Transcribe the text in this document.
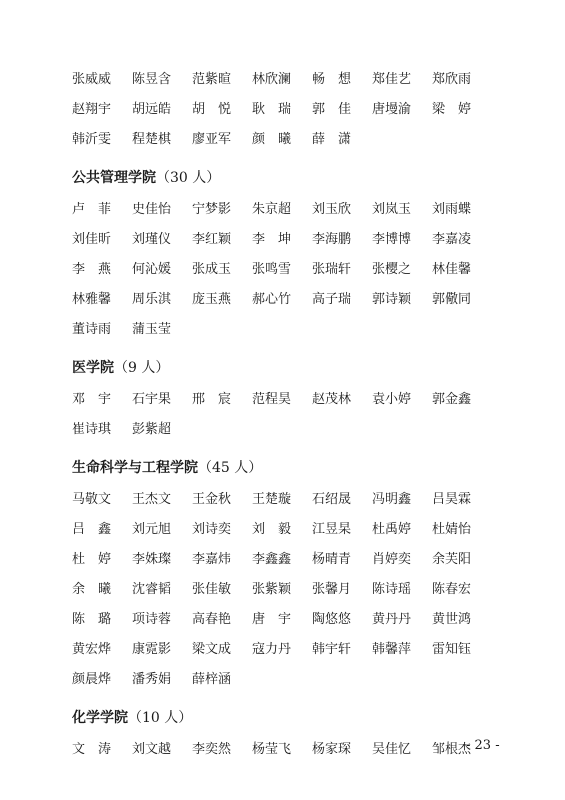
张威威	陈昱含	范紫暄	林欣澜	畅　想	郑佳艺	郑欣雨
赵翔宇	胡远皓	胡　悦	耿　瑞	郭　佳	唐墁渝	梁　婷
韩沂雯	程楚棋	廖亚军	颜　曦	薛　潇
公共管理学院（30 人）
卢　菲	史佳怡	宁梦影	朱京超	刘玉欣	刘岚玉	刘雨蝶
刘佳昕	刘瑾仪	李红颖	李　坤	李海鹏	李博博	李嘉凌
李　燕	何沁媛	张成玉	张鸣雪	张瑞轩	张樱之	林佳馨
林雅馨	周乐淇	庞玉燕	郝心竹	高子瑞	郭诗颖	郭儆同
董诗雨	蒲玉莹
医学院（9 人）
邓　宇	石宇果	邢　宸	范程昊	赵茂林	袁小婷	郭金鑫
崔诗琪	彭紫超
生命科学与工程学院（45 人）
马敬文	王杰文	王金秋	王楚璇	石绍晟	冯明鑫	吕昊霖
吕　鑫	刘元旭	刘诗奕	刘　毅	江昱杲	杜禹婷	杜婧怡
杜　婷	李姝璨	李嘉炜	李鑫鑫	杨晴青	肖婷奕	余芙阳
余　曦	沈睿韬	张佳敏	张紫颖	张馨月	陈诗瑶	陈春宏
陈　璐	项诗蓉	高春艳	唐　宇	陶悠悠	黄丹丹	黄世鸿
黄宏烨	康霓影	梁文成	寇力丹	韩宇轩	韩馨萍	雷知钰
颜晨烨	潘秀娟	薛梓涵
化学学院（10 人）
文　涛	刘文越	李奕然	杨莹飞	杨家琛	吴佳忆	邹根杰
- 23 -
